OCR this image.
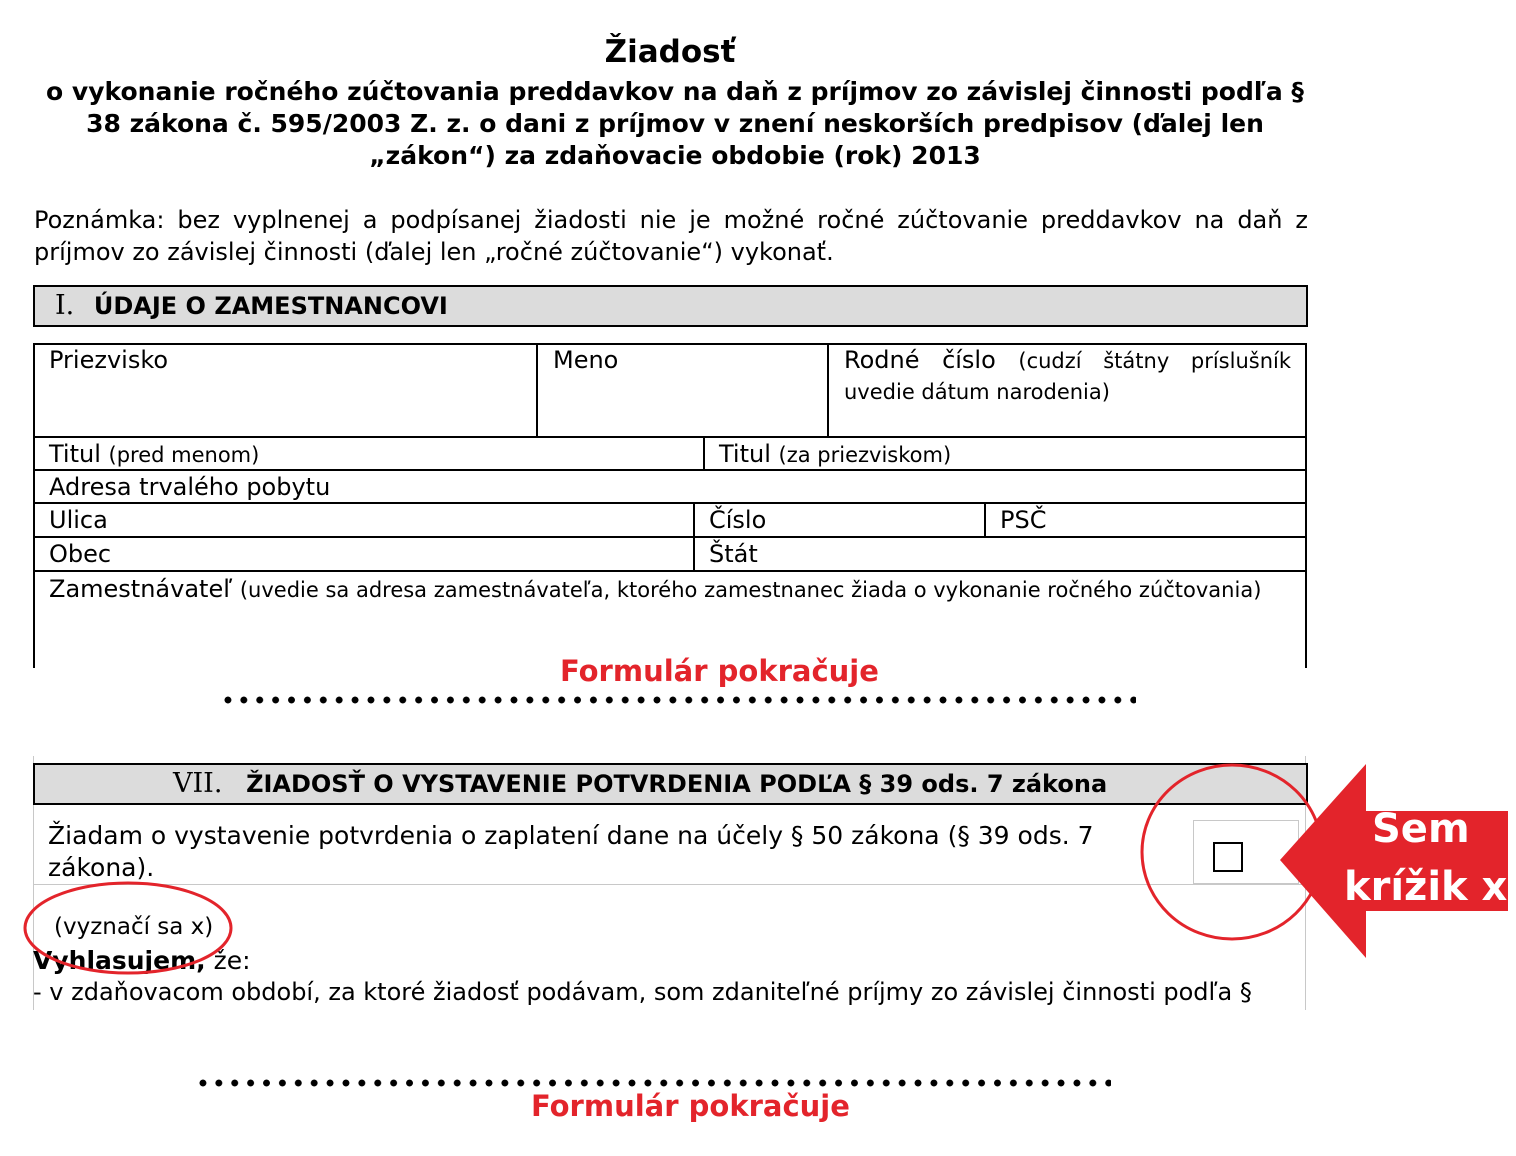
Žiadosť
o vykonanie ročného zúčtovania preddavkov na daň z príjmov zo závislej činnosti podľa §
38 zákona č. 595/2003 Z. z. o dani z príjmov v znení neskorších predpisov (ďalej len
„zákon“) za zdaňovacie obdobie (rok) 2013
Poznámka: bez vyplnenej a podpísanej žiadosti nie je možné ročné zúčtovanie preddavkov na daň z príjmov zo závislej činnosti (ďalej len „ročné zúčtovanie“) vykonať.
I. ÚDAJE O ZAMESTNANCOVI
Priezvisko	Meno	Rodné číslo (cudzí štátny príslušník uvedie dátum narodenia)
Titul (pred menom)	Titul (za priezviskom)
Adresa trvalého pobytu
Ulica	Číslo	PSČ
Obec	Štát
Zamestnávateľ (uvedie sa adresa zamestnávateľa, ktorého zamestnanec žiada o vykonanie ročného zúčtovania)
Formulár pokračuje
VII. ŽIADOSŤ O VYSTAVENIE POTVRDENIA PODĽA § 39 ods. 7 zákona
Žiadam o vystavenie potvrdenia o zaplatení dane na účely § 50 zákona (§ 39 ods. 7
zákona).
(vyznačí sa x)
Vyhlasujem, že:
- v zdaňovacom období, za ktoré žiadosť podávam, som zdaniteľné príjmy zo závislej činnosti podľa §
Sem
krížik x
Formulár pokračuje
